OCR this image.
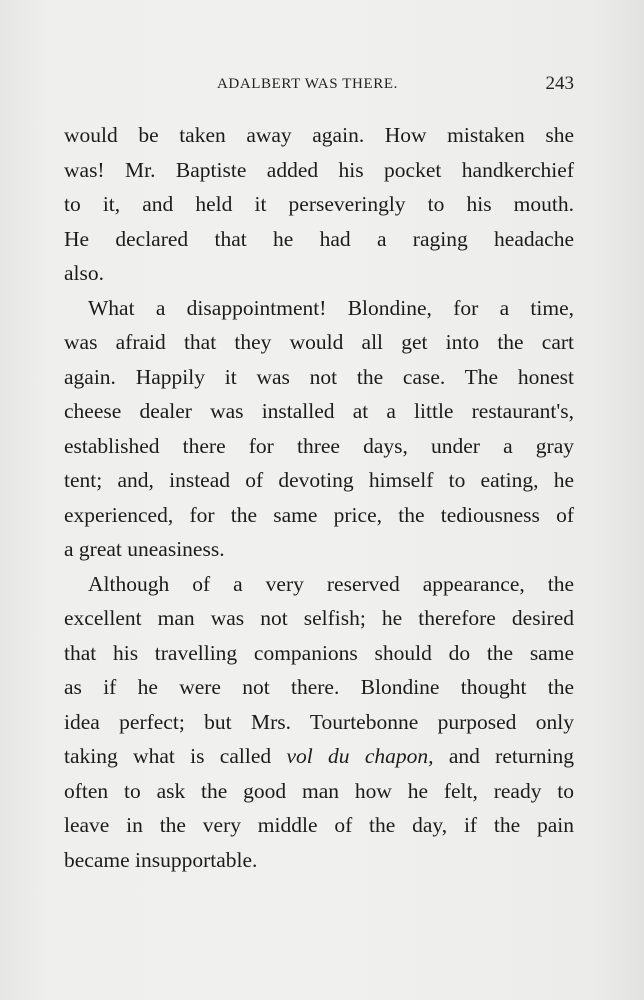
ADALBERT WAS THERE.	243
would be taken away again. How mistaken she
was! Mr. Baptiste added his pocket handkerchief
to it, and held it perseveringly to his mouth.
He declared that he had a raging headache
also.
What a disappointment! Blondine, for a time,
was afraid that they would all get into the cart
again. Happily it was not the case. The honest
cheese dealer was installed at a little restaurant's,
established there for three days, under a gray
tent; and, instead of devoting himself to eating, he
experienced, for the same price, the tediousness of
a great uneasiness.
Although of a very reserved appearance, the
excellent man was not selfish; he therefore desired
that his travelling companions should do the same
as if he were not there. Blondine thought the
idea perfect; but Mrs. Tourtebonne purposed only
taking what is called vol du chapon, and returning
often to ask the good man how he felt, ready to
leave in the very middle of the day, if the pain
became insupportable.
